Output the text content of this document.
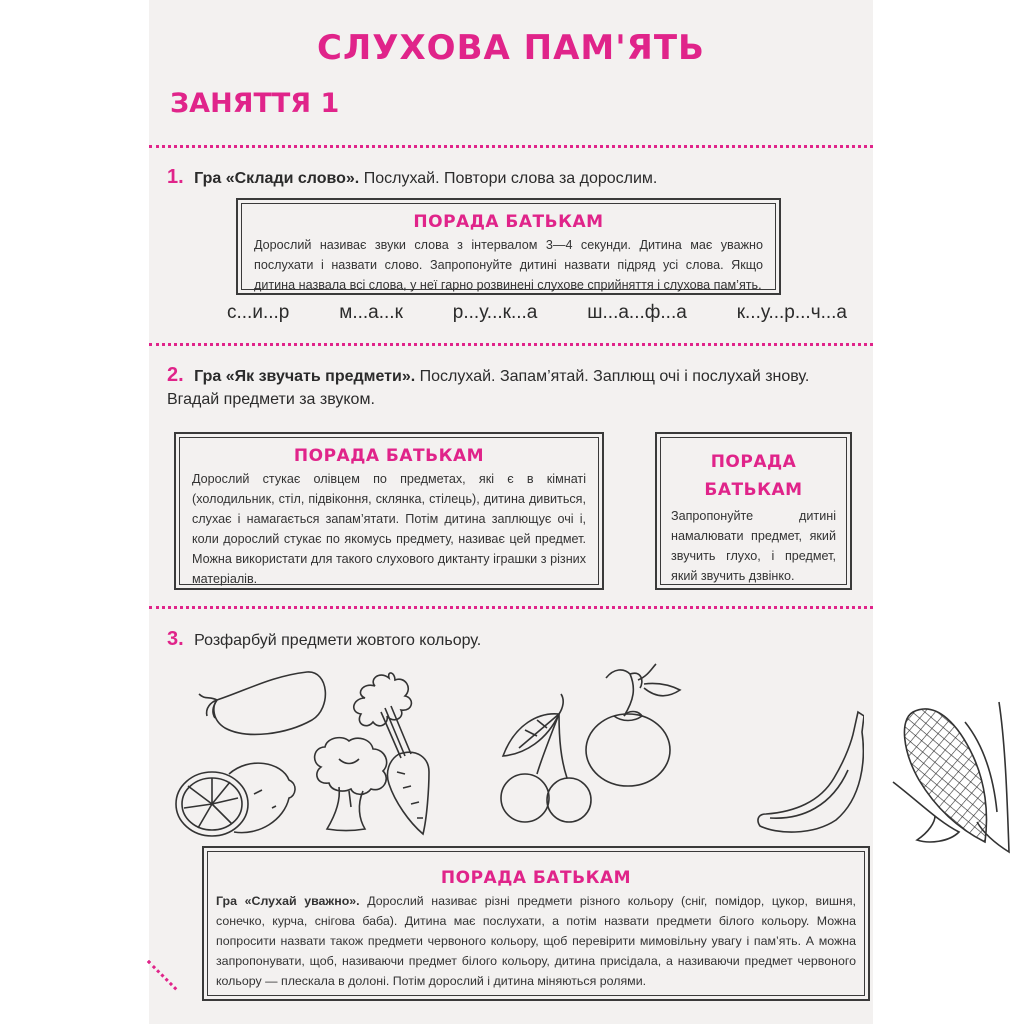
СЛУХОВА ПАМ'ЯТЬ
ЗАНЯТТЯ 1
1. Гра «Склади слово». Послухай. Повтори слова за дорослим.
ПОРАДА БАТЬКАМ
Дорослий називає звуки слова з інтервалом 3—4 секунди. Дитина має уважно послухати і назвати слово. Запропонуйте дитині назвати підряд усі слова. Якщо дитина назвала всі слова, у неї гарно розвинені слухове сприйняття і слухова пам’ять.
с...и...р	м...а...к	р...у...к...а	ш...а...ф...а	к...у...р...ч...а
2. Гра «Як звучать предмети». Послухай. Запам’ятай. Заплющ очі і послухай знову. Вгадай предмети за звуком.
ПОРАДА БАТЬКАМ
Дорослий стукає олівцем по предметах, які є в кімнаті (холодильник, стіл, підвіконня, склянка, стілець), дитина дивиться, слухає і намагається запам’ятати. Потім дитина заплющує очі і, коли дорослий стукає по якомусь предмету, називає цей предмет. Можна використати для такого слухового диктанту іграшки з різних матеріалів.
ПОРАДА
БАТЬКАМ
Запропонуйте дитині намалювати предмет, який звучить глухо, і предмет, який звучить дзвінко.
3. Розфарбуй предмети жовтого кольору.
ПОРАДА БАТЬКАМ
Гра «Слухай уважно». Дорослий називає різні предмети різного кольору (сніг, помідор, цукор, вишня, сонечко, курча, снігова баба). Дитина має послухати, а потім назвати предмети білого кольору. Можна попросити назвати також предмети червоного кольору, щоб перевірити мимовільну увагу і пам’ять. А можна запропонувати, щоб, називаючи предмет білого кольору, дитина присідала, а називаючи предмет червоного кольору — плескала в долоні. Потім дорослий і дитина міняються ролями.
